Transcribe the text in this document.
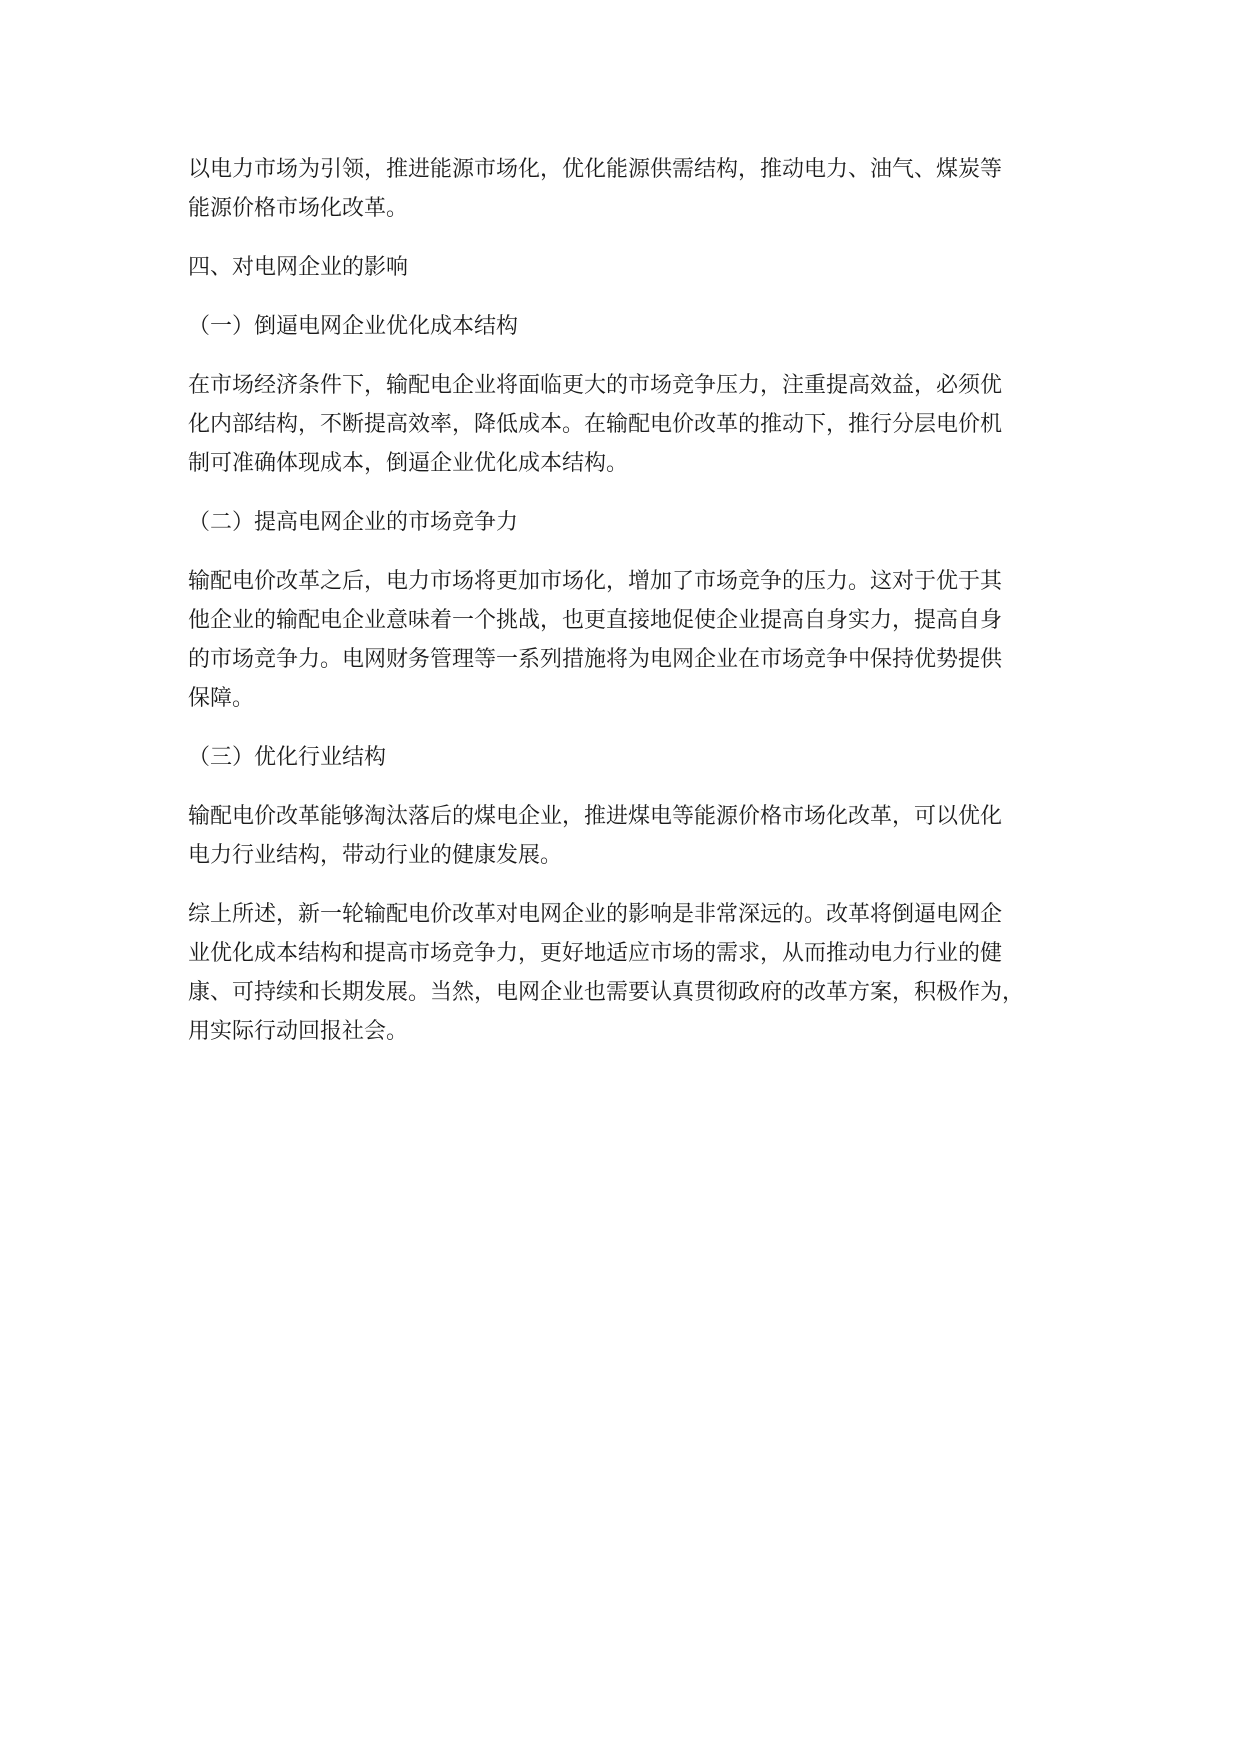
以电力市场为引领，推进能源市场化，优化能源供需结构，推动电力、油气、煤炭等
能源价格市场化改革。

四、对电网企业的影响

（一）倒逼电网企业优化成本结构

在市场经济条件下，输配电企业将面临更大的市场竞争压力，注重提高效益，必须优
化内部结构，不断提高效率，降低成本。在输配电价改革的推动下，推行分层电价机
制可准确体现成本，倒逼企业优化成本结构。

（二）提高电网企业的市场竞争力

输配电价改革之后，电力市场将更加市场化，增加了市场竞争的压力。这对于优于其
他企业的输配电企业意味着一个挑战，也更直接地促使企业提高自身实力，提高自身
的市场竞争力。电网财务管理等一系列措施将为电网企业在市场竞争中保持优势提供
保障。

（三）优化行业结构

输配电价改革能够淘汰落后的煤电企业，推进煤电等能源价格市场化改革，可以优化
电力行业结构，带动行业的健康发展。

综上所述，新一轮输配电价改革对电网企业的影响是非常深远的。改革将倒逼电网企
业优化成本结构和提高市场竞争力，更好地适应市场的需求，从而推动电力行业的健
康、可持续和长期发展。当然，电网企业也需要认真贯彻政府的改革方案，积极作为，
用实际行动回报社会。
